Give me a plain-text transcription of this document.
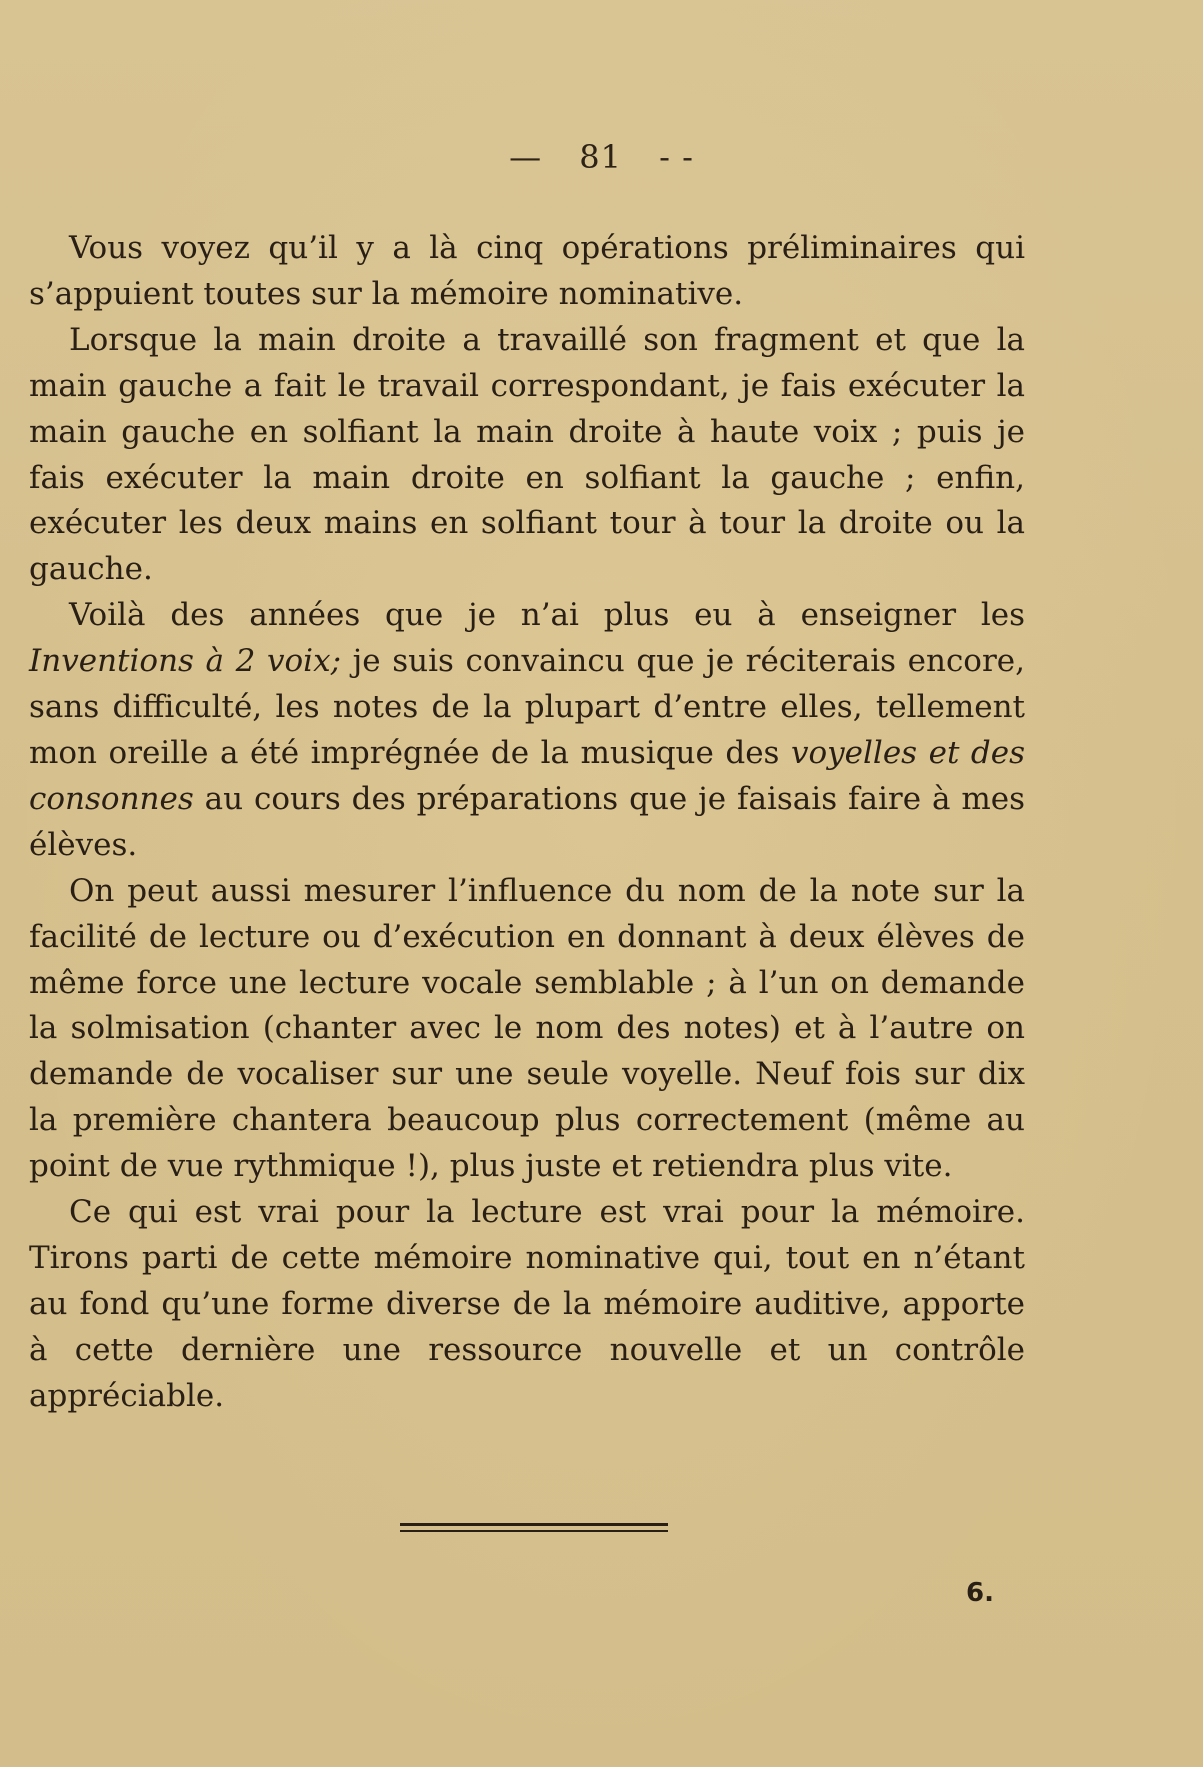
— 81 - -

Vous voyez qu’il y a là cinq opérations préliminaires qui s’appuient toutes sur la mémoire nominative.

Lorsque la main droite a travaillé son fragment et que la main gauche a fait le travail correspondant, je fais exécuter la main gauche en solfiant la main droite à haute voix ; puis je fais exécuter la main droite en solfiant la gauche ; enfin, exécuter les deux mains en solfiant tour à tour la droite ou la gauche.

Voilà des années que je n’ai plus eu à enseigner les Inventions à 2 voix; je suis convaincu que je réciterais encore, sans difficulté, les notes de la plupart d’entre elles, tellement mon oreille a été imprégnée de la musique des voyelles et des consonnes au cours des préparations que je faisais faire à mes élèves.

On peut aussi mesurer l’influence du nom de la note sur la facilité de lecture ou d’exécution en donnant à deux élèves de même force une lecture vocale semblable ; à l’un on demande la solmisation (chanter avec le nom des notes) et à l’autre on demande de vocaliser sur une seule voyelle. Neuf fois sur dix la première chantera beaucoup plus correctement (même au point de vue rythmique !), plus juste et retiendra plus vite.

Ce qui est vrai pour la lecture est vrai pour la mémoire. Tirons parti de cette mémoire nominative qui, tout en n’étant au fond qu’une forme diverse de la mémoire auditive, apporte à cette dernière une ressource nouvelle et un contrôle appréciable.

6.
